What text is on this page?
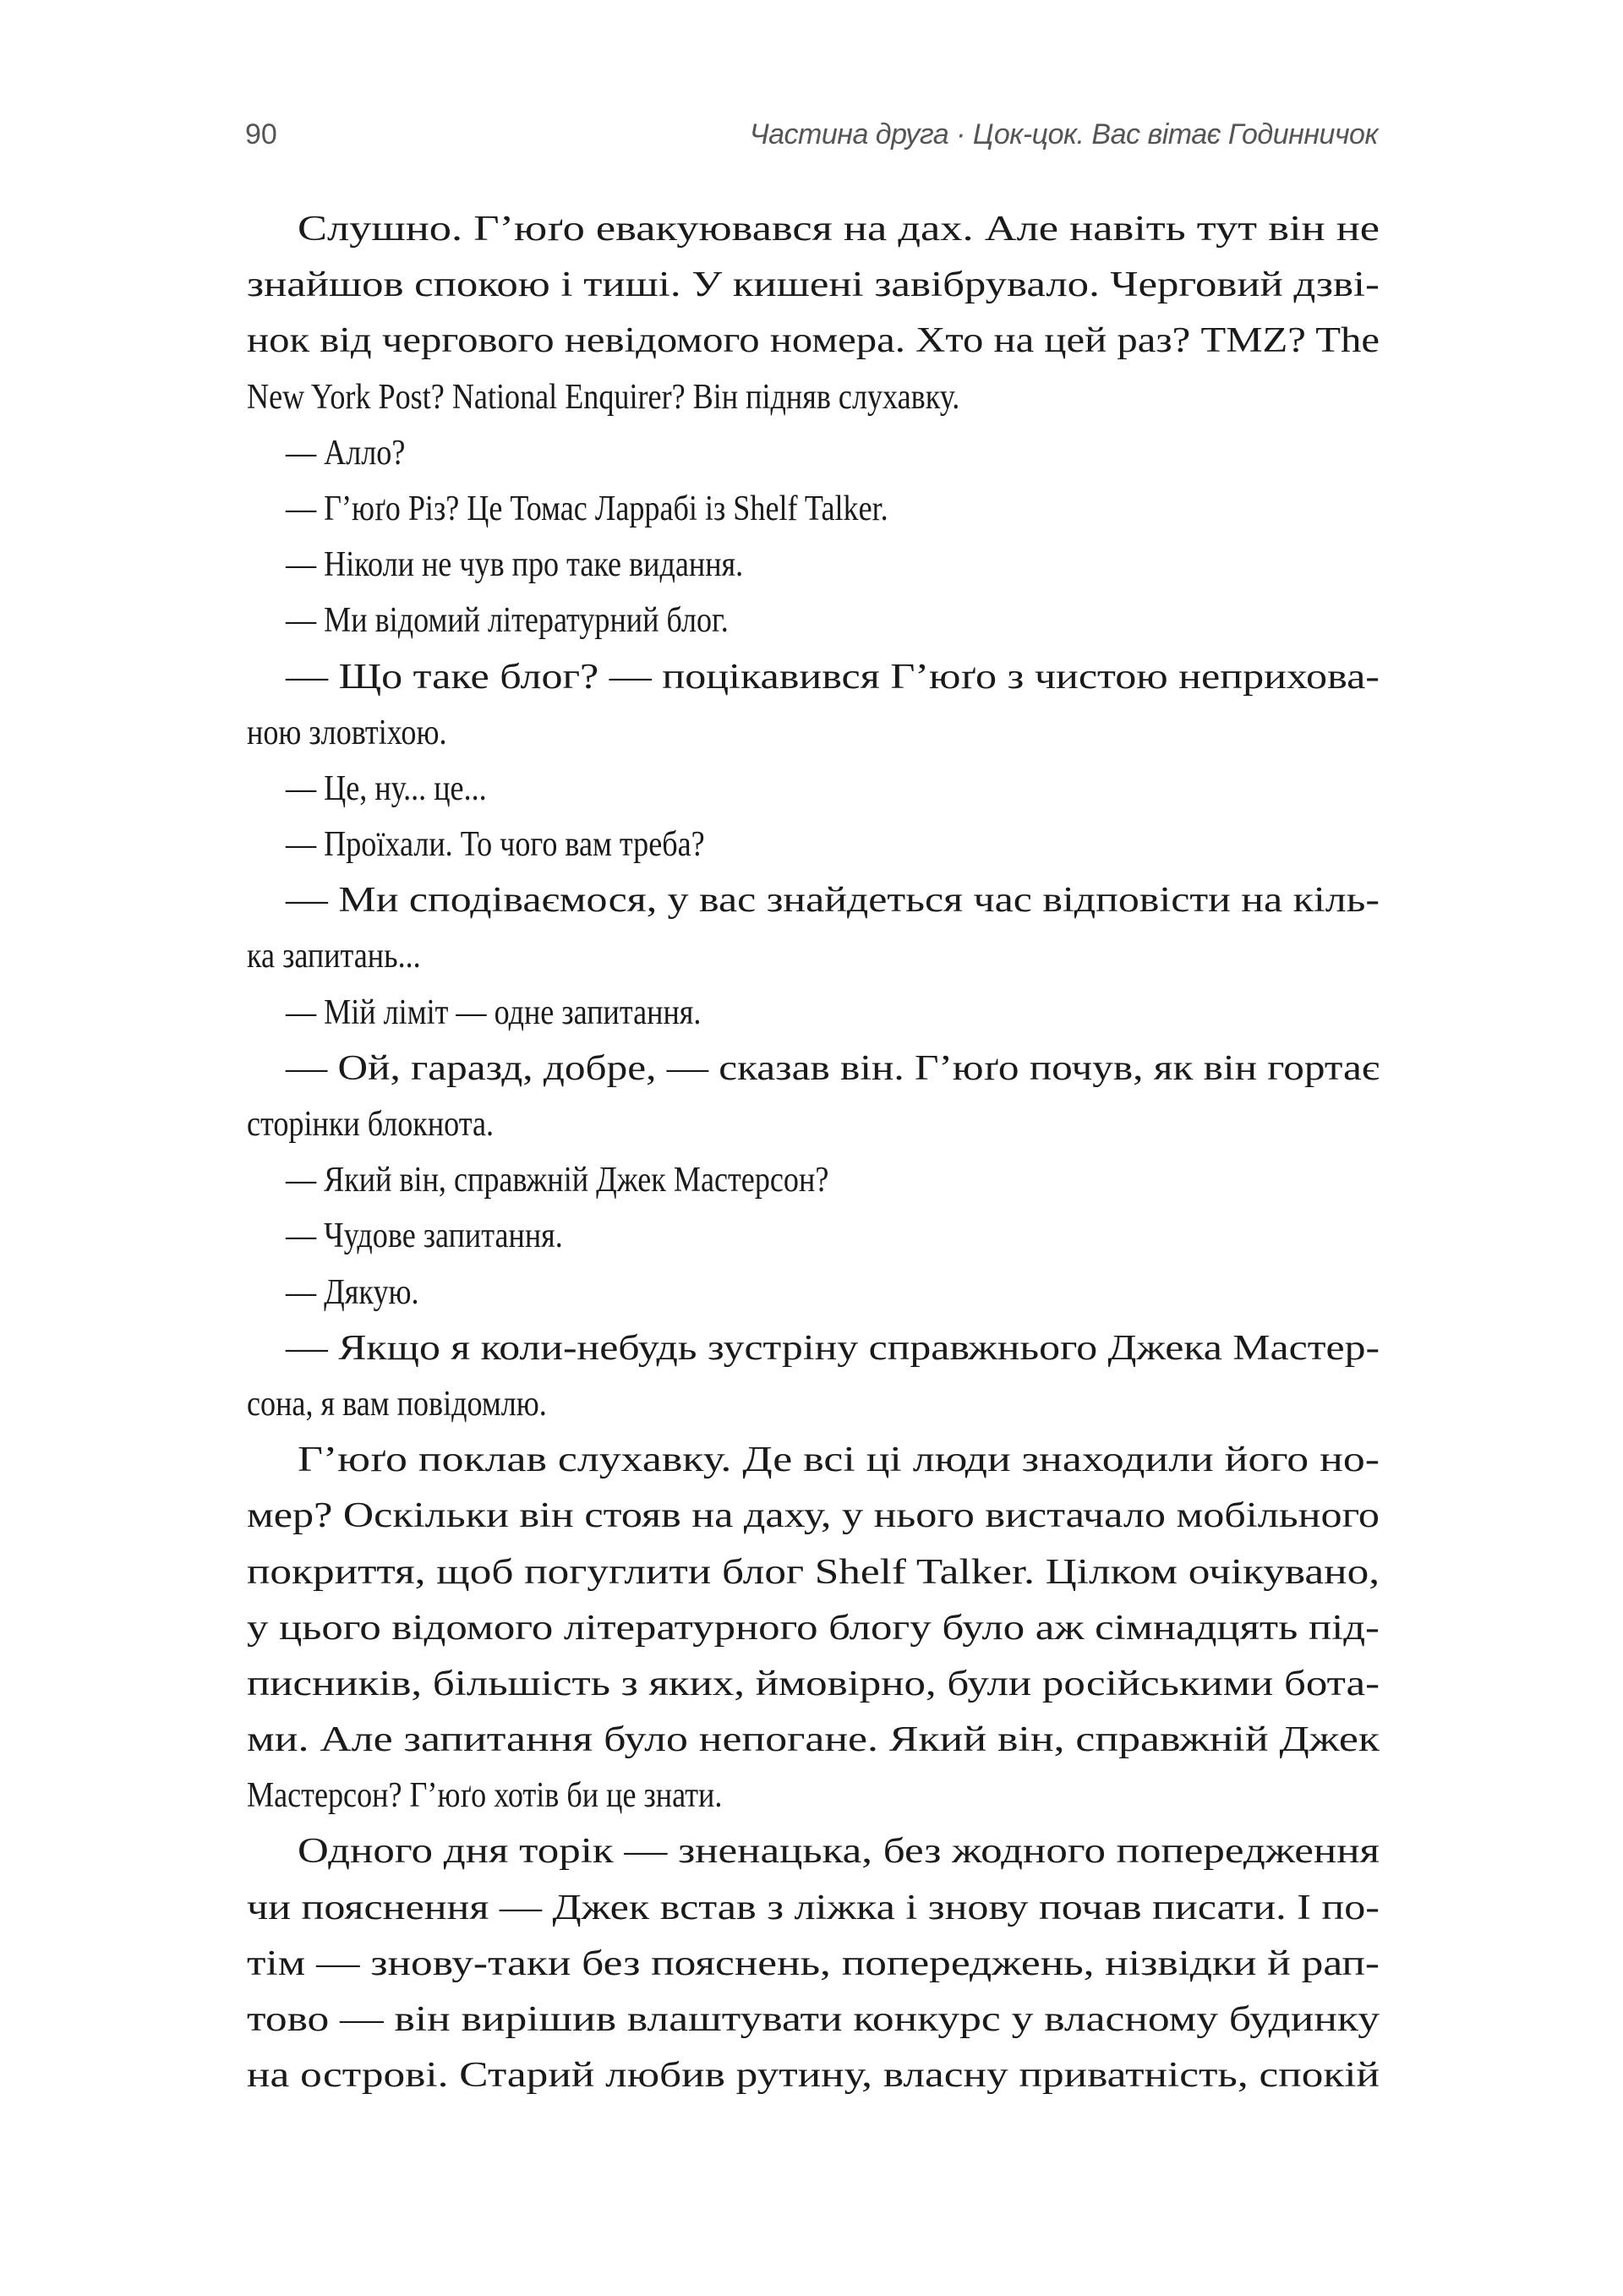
90	Частина друга · Цок-цок. Вас вітає Годинничок
Слушно. Г’юґо евакуювався на дах. Але навіть тут він не
знайшов спокою і тиші. У кишені завібрувало. Черговий дзві-
нок від чергового невідомого номера. Хто на цей раз? TMZ? The
New York Post? National Enquirer? Він підняв слухавку.
— Алло?
— Г’юґо Різ? Це Томас Ларрабі із Shelf Talker.
— Ніколи не чув про таке видання.
— Ми відомий літературний блог.
— Що таке блог? — поцікавився Г’юґо з чистою неприхова-
ною зловтіхою.
— Це, ну... це...
— Проїхали. То чого вам треба?
— Ми сподіваємося, у вас знайдеться час відповісти на кіль-
ка запитань...
— Мій ліміт — одне запитання.
— Ой, гаразд, добре, — сказав він. Г’юґо почув, як він гортає
сторінки блокнота.
— Який він, справжній Джек Мастерсон?
— Чудове запитання.
— Дякую.
— Якщо я коли-небудь зустріну справжнього Джека Мастер-
сона, я вам повідомлю.
Г’юґо поклав слухавку. Де всі ці люди знаходили його но-
мер? Оскільки він стояв на даху, у нього вистачало мобільного
покриття, щоб погуглити блог Shelf Talker. Цілком очікувано,
у цього відомого літературного блогу було аж сімнадцять під-
писників, більшість з яких, ймовірно, були російськими бота-
ми. Але запитання було непогане. Який він, справжній Джек
Мастерсон? Г’юґо хотів би це знати.
Одного дня торік — зненацька, без жодного попередження
чи пояснення — Джек встав з ліжка і знову почав писати. І по-
тім — знову-таки без пояснень, попереджень, нізвідки й рап-
тово — він вирішив влаштувати конкурс у власному будинку
на острові. Старий любив рутину, власну приватність, спокій
